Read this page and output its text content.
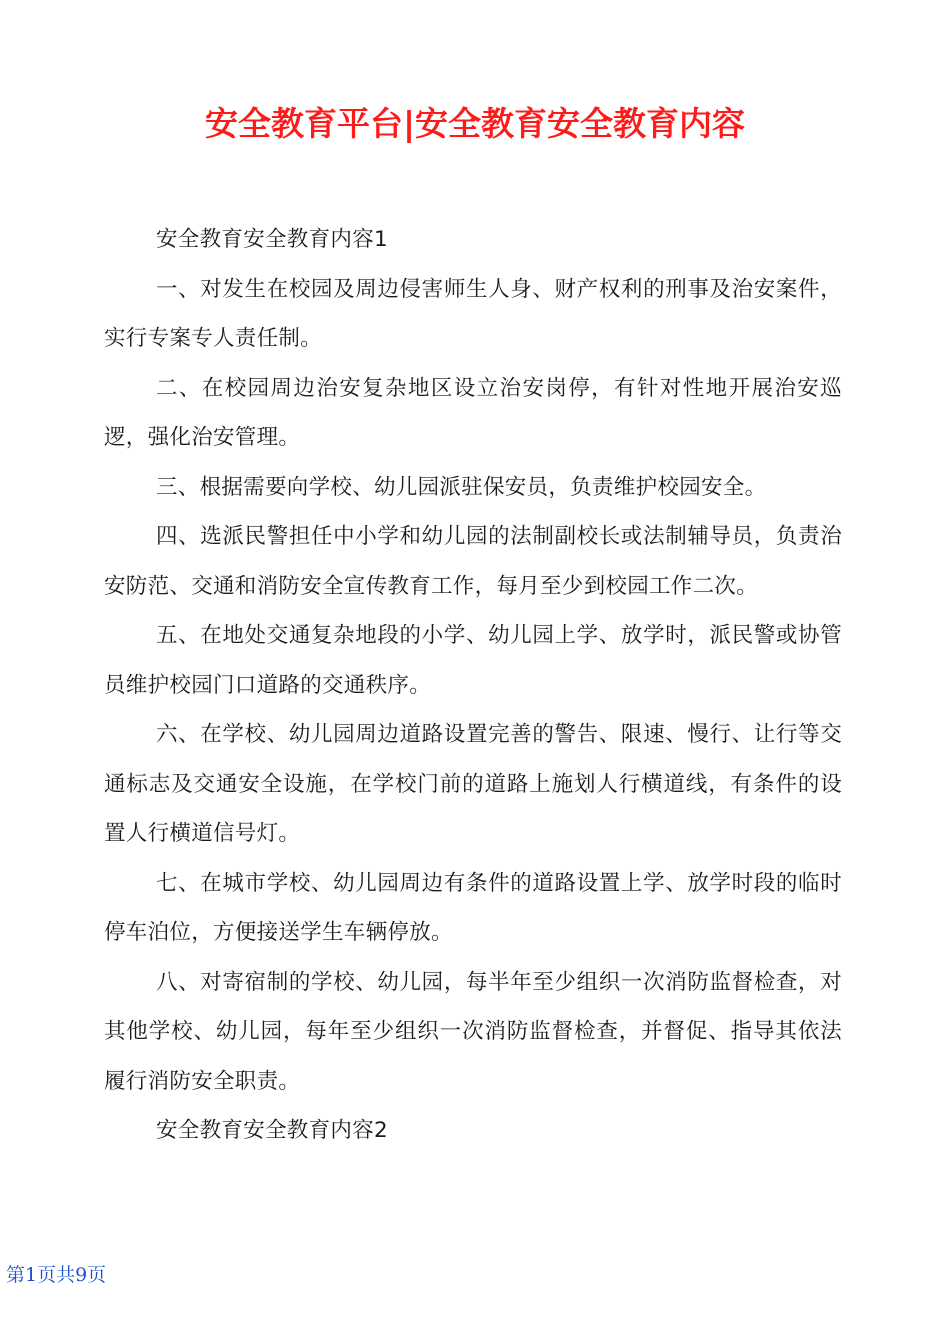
安全教育平台|安全教育安全教育内容

安全教育安全教育内容1

一、对发生在校园及周边侵害师生人身、财产权利的刑事及治安案件，实行专案专人责任制。

二、在校园周边治安复杂地区设立治安岗停，有针对性地开展治安巡逻，强化治安管理。

三、根据需要向学校、幼儿园派驻保安员，负责维护校园安全。

四、选派民警担任中小学和幼儿园的法制副校长或法制辅导员，负责治安防范、交通和消防安全宣传教育工作，每月至少到校园工作二次。

五、在地处交通复杂地段的小学、幼儿园上学、放学时，派民警或协管员维护校园门口道路的交通秩序。

六、在学校、幼儿园周边道路设置完善的警告、限速、慢行、让行等交通标志及交通安全设施，在学校门前的道路上施划人行横道线，有条件的设置人行横道信号灯。

七、在城市学校、幼儿园周边有条件的道路设置上学、放学时段的临时停车泊位，方便接送学生车辆停放。

八、对寄宿制的学校、幼儿园，每半年至少组织一次消防监督检查，对其他学校、幼儿园，每年至少组织一次消防监督检查，并督促、指导其依法履行消防安全职责。

安全教育安全教育内容2

第1页共9页
